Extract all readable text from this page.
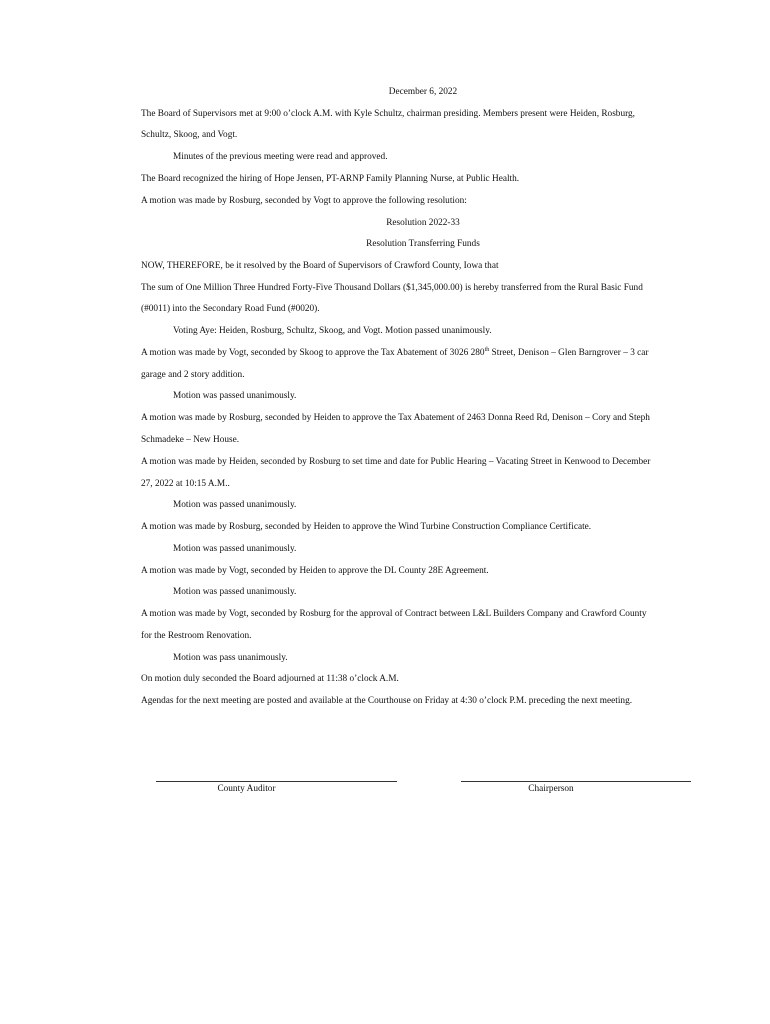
December 6, 2022
The Board of Supervisors met at 9:00 o’clock A.M. with Kyle Schultz, chairman presiding. Members present were Heiden, Rosburg,
Schultz, Skoog, and Vogt.
Minutes of the previous meeting were read and approved.
The Board recognized the hiring of Hope Jensen, PT-ARNP Family Planning Nurse, at Public Health.
A motion was made by Rosburg, seconded by Vogt to approve the following resolution:
Resolution 2022-33
Resolution Transferring Funds
NOW, THEREFORE, be it resolved by the Board of Supervisors of Crawford County, Iowa that
The sum of One Million Three Hundred Forty-Five Thousand Dollars ($1,345,000.00) is hereby transferred from the Rural Basic Fund
(#0011) into the Secondary Road Fund (#0020).
Voting Aye: Heiden, Rosburg, Schultz, Skoog, and Vogt. Motion passed unanimously.
A motion was made by Vogt, seconded by Skoog to approve the Tax Abatement of 3026 280th Street, Denison – Glen Barngrover – 3 car
garage and 2 story addition.
Motion was passed unanimously.
A motion was made by Rosburg, seconded by Heiden to approve the Tax Abatement of 2463 Donna Reed Rd, Denison – Cory and Steph
Schmadeke – New House.
A motion was made by Heiden, seconded by Rosburg to set time and date for Public Hearing – Vacating Street in Kenwood to December
27, 2022 at 10:15 A.M..
Motion was passed unanimously.
A motion was made by Rosburg, seconded by Heiden to approve the Wind Turbine Construction Compliance Certificate.
Motion was passed unanimously.
A motion was made by Vogt, seconded by Heiden to approve the DL County 28E Agreement.
Motion was passed unanimously.
A motion was made by Vogt, seconded by Rosburg for the approval of Contract between L&L Builders Company and Crawford County
for the Restroom Renovation.
Motion was pass unanimously.
On motion duly seconded the Board adjourned at 11:38 o’clock A.M.
Agendas for the next meeting are posted and available at the Courthouse on Friday at 4:30 o’clock P.M. preceding the next meeting.
County Auditor	Chairperson
